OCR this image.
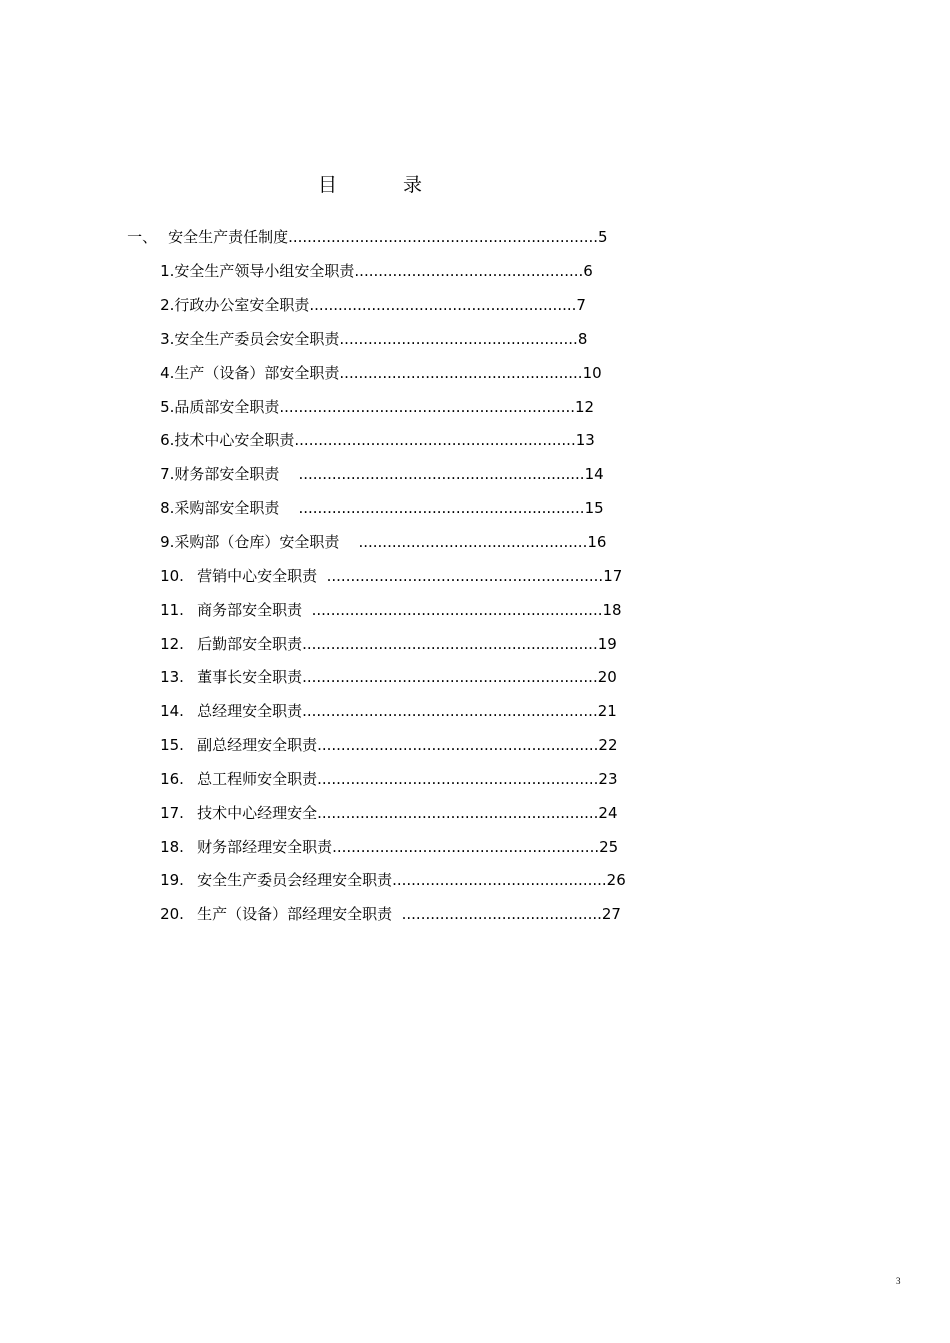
目 录

一、 安全生产责任制度.................................................................5

1.安全生产领导小组安全职责................................................6

2.行政办公室安全职责........................................................7

3.安全生产委员会安全职责..................................................8

4.生产（设备）部安全职责...................................................10

5.品质部安全职责..............................................................12

6.技术中心安全职责...........................................................13

7.财务部安全职责    ............................................................14

8.采购部安全职责    ............................................................15

9.采购部（仓库）安全职责    ................................................16

10. 营销中心安全职责  ..........................................................17

11. 商务部安全职责  .............................................................18

12. 后勤部安全职责..............................................................19

13. 董事长安全职责..............................................................20

14. 总经理安全职责..............................................................21

15. 副总经理安全职责...........................................................22

16. 总工程师安全职责...........................................................23

17. 技术中心经理安全...........................................................24

18. 财务部经理安全职责........................................................25

19. 安全生产委员会经理安全职责.............................................26

20. 生产（设备）部经理安全职责  ..........................................27

3
